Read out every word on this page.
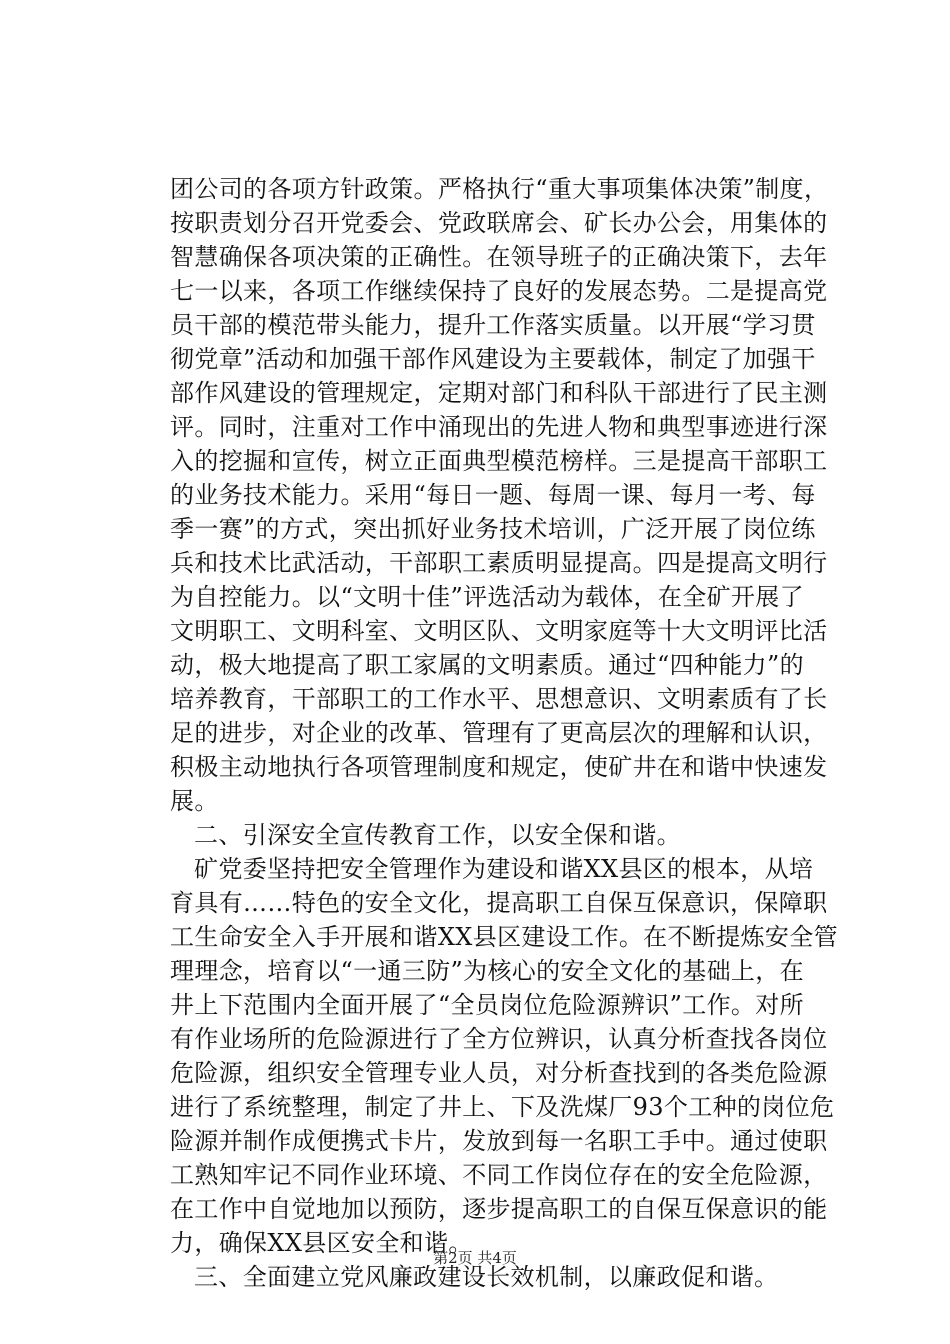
团公司的各项方针政策。严格执行“重大事项集体决策”制度，
按职责划分召开党委会、党政联席会、矿长办公会，用集体的
智慧确保各项决策的正确性。在领导班子的正确决策下，去年
七一以来，各项工作继续保持了良好的发展态势。二是提高党
员干部的模范带头能力，提升工作落实质量。以开展“学习贯
彻党章”活动和加强干部作风建设为主要载体，制定了加强干
部作风建设的管理规定，定期对部门和科队干部进行了民主测
评。同时，注重对工作中涌现出的先进人物和典型事迹进行深
入的挖掘和宣传，树立正面典型模范榜样。三是提高干部职工
的业务技术能力。采用“每日一题、每周一课、每月一考、每
季一赛”的方式，突出抓好业务技术培训，广泛开展了岗位练
兵和技术比武活动，干部职工素质明显提高。四是提高文明行
为自控能力。以“文明十佳”评选活动为载体，在全矿开展了
文明职工、文明科室、文明区队、文明家庭等十大文明评比活
动，极大地提高了职工家属的文明素质。通过“四种能力”的
培养教育，干部职工的工作水平、思想意识、文明素质有了长
足的进步，对企业的改革、管理有了更高层次的理解和认识，
积极主动地执行各项管理制度和规定，使矿井在和谐中快速发
展。
二、引深安全宣传教育工作，以安全保和谐。
矿党委坚持把安全管理作为建设和谐XX县区的根本，从培
育具有……特色的安全文化，提高职工自保互保意识，保障职
工生命安全入手开展和谐XX县区建设工作。在不断提炼安全管
理理念，培育以“一通三防”为核心的安全文化的基础上，在
井上下范围内全面开展了“全员岗位危险源辨识”工作。对所
有作业场所的危险源进行了全方位辨识，认真分析查找各岗位
危险源，组织安全管理专业人员，对分析查找到的各类危险源
进行了系统整理，制定了井上、下及洗煤厂93个工种的岗位危
险源并制作成便携式卡片，发放到每一名职工手中。通过使职
工熟知牢记不同作业环境、不同工作岗位存在的安全危险源，
在工作中自觉地加以预防，逐步提高职工的自保互保意识的能
力，确保XX县区安全和谐。
三、全面建立党风廉政建设长效机制，以廉政促和谐。
第2页 共4页
